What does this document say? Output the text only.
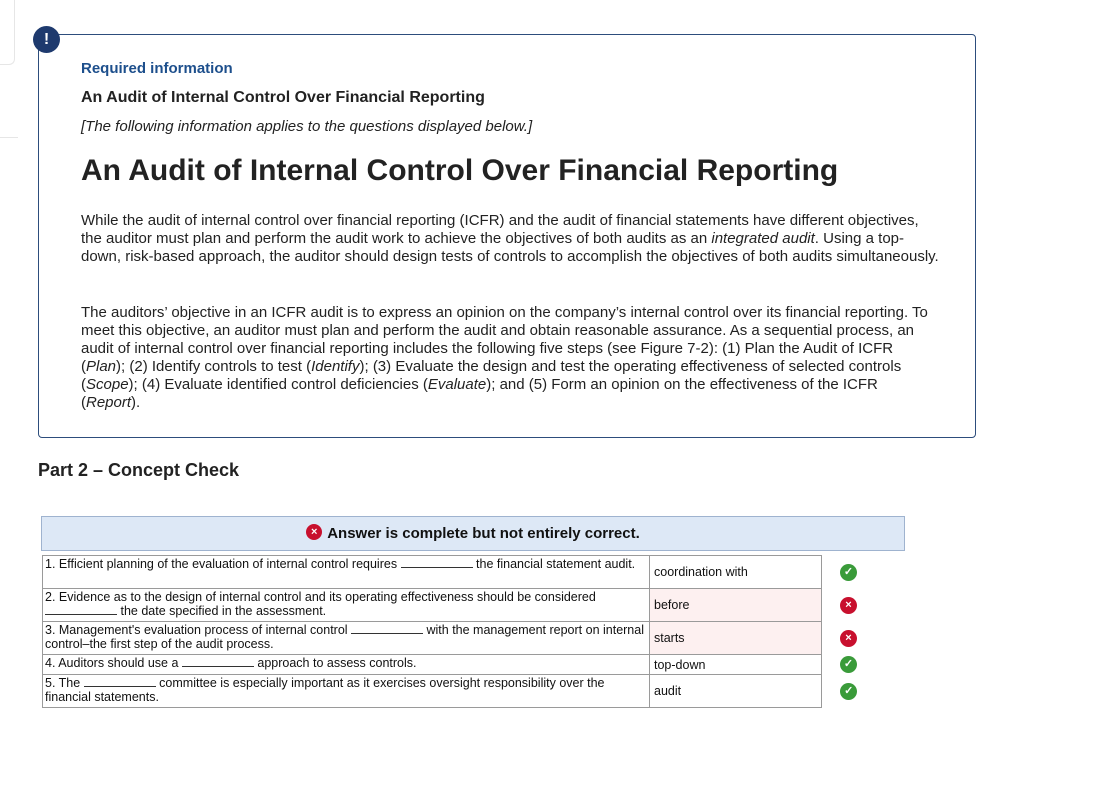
!
Required information
An Audit of Internal Control Over Financial Reporting
[The following information applies to the questions displayed below.]
An Audit of Internal Control Over Financial Reporting

While the audit of internal control over financial reporting (ICFR) and the audit of financial statements have different objectives, the auditor must plan and perform the audit work to achieve the objectives of both audits as an integrated audit. Using a top-down, risk-based approach, the auditor should design tests of controls to accomplish the objectives of both audits simultaneously.

The auditors’ objective in an ICFR audit is to express an opinion on the company’s internal control over its financial reporting. To meet this objective, an auditor must plan and perform the audit and obtain reasonable assurance. As a sequential process, an audit of internal control over financial reporting includes the following five steps (see Figure 7-2): (1) Plan the Audit of ICFR (Plan); (2) Identify controls to test (Identify); (3) Evaluate the design and test the operating effectiveness of selected controls (Scope); (4) Evaluate identified control deficiencies (Evaluate); and (5) Form an opinion on the effectiveness of the ICFR (Report).

Part 2 – Concept Check
× Answer is complete but not entirely correct.
1. Efficient planning of the evaluation of internal control requires the financial statement audit.	coordination with	✓
2. Evidence as to the design of internal control and its operating effectiveness should be considered  the date specified in the assessment.	before	×
3. Management's evaluation process of internal control with the management report on internal control–the first step of the audit process.	starts	×
4. Auditors should use a approach to assess controls.	top-down	✓
5. The committee is especially important as it exercises oversight responsibility over the financial statements.	audit	✓
